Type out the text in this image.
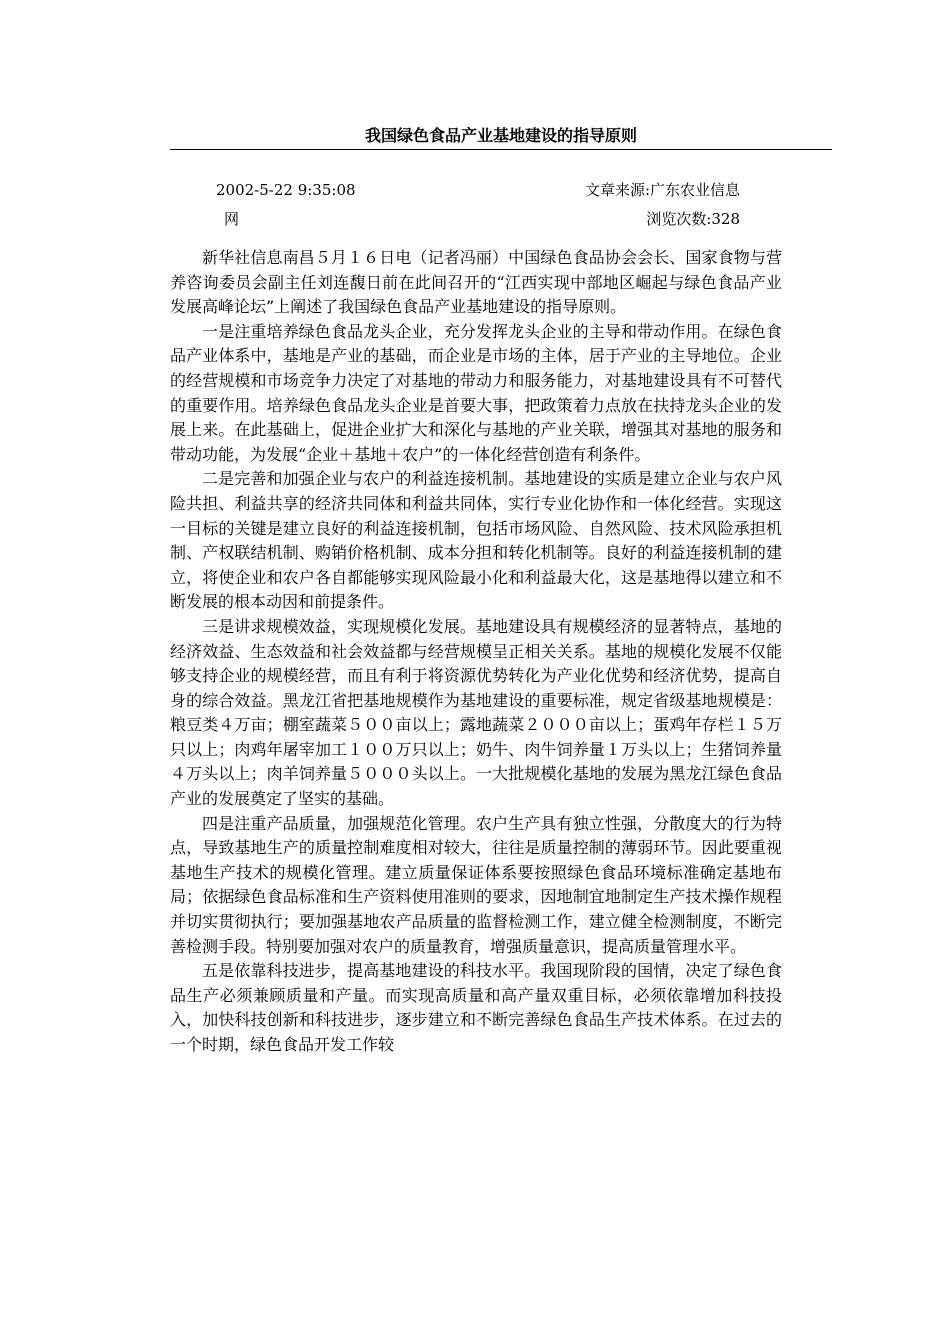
我国绿色食品产业基地建设的指导原则
2002-5-22 9:35:08
网
文章来源:广东农业信息
浏览次数:328

新华社信息南昌５月１６日电（记者冯丽）中国绿色食品协会会长、国家食物与营养咨询委员会副主任刘连馥日前在此间召开的“江西实现中部地区崛起与绿色食品产业发展高峰论坛”上阐述了我国绿色食品产业基地建设的指导原则。

一是注重培养绿色食品龙头企业，充分发挥龙头企业的主导和带动作用。在绿色食品产业体系中，基地是产业的基础，而企业是市场的主体，居于产业的主导地位。企业的经营规模和市场竞争力决定了对基地的带动力和服务能力，对基地建设具有不可替代的重要作用。培养绿色食品龙头企业是首要大事，把政策着力点放在扶持龙头企业的发展上来。在此基础上，促进企业扩大和深化与基地的产业关联，增强其对基地的服务和带动功能，为发展“企业＋基地＋农户”的一体化经营创造有利条件。

二是完善和加强企业与农户的利益连接机制。基地建设的实质是建立企业与农户风险共担、利益共享的经济共同体和利益共同体，实行专业化协作和一体化经营。实现这一目标的关键是建立良好的利益连接机制，包括市场风险、自然风险、技术风险承担机制、产权联结机制、购销价格机制、成本分担和转化机制等。良好的利益连接机制的建立，将使企业和农户各自都能够实现风险最小化和利益最大化，这是基地得以建立和不断发展的根本动因和前提条件。

三是讲求规模效益，实现规模化发展。基地建设具有规模经济的显著特点，基地的经济效益、生态效益和社会效益都与经营规模呈正相关关系。基地的规模化发展不仅能够支持企业的规模经营，而且有利于将资源优势转化为产业化优势和经济优势，提高自身的综合效益。黑龙江省把基地规模作为基地建设的重要标准，规定省级基地规模是：粮豆类４万亩；棚室蔬菜５００亩以上；露地蔬菜２０００亩以上；蛋鸡年存栏１５万只以上；肉鸡年屠宰加工１００万只以上；奶牛、肉牛饲养量１万头以上；生猪饲养量４万头以上；肉羊饲养量５０００头以上。一大批规模化基地的发展为黑龙江绿色食品产业的发展奠定了坚实的基础。

四是注重产品质量，加强规范化管理。农户生产具有独立性强，分散度大的行为特点，导致基地生产的质量控制难度相对较大，往往是质量控制的薄弱环节。因此要重视基地生产技术的规模化管理。建立质量保证体系要按照绿色食品环境标准确定基地布局；依据绿色食品标准和生产资料使用准则的要求，因地制宜地制定生产技术操作规程并切实贯彻执行；要加强基地农产品质量的监督检测工作，建立健全检测制度，不断完善检测手段。特别要加强对农户的质量教育，增强质量意识，提高质量管理水平。

五是依靠科技进步，提高基地建设的科技水平。我国现阶段的国情，决定了绿色食品生产必须兼顾质量和产量。而实现高质量和高产量双重目标，必须依靠增加科技投入，加快科技创新和科技进步，逐步建立和不断完善绿色食品生产技术体系。在过去的一个时期，绿色食品开发工作较
